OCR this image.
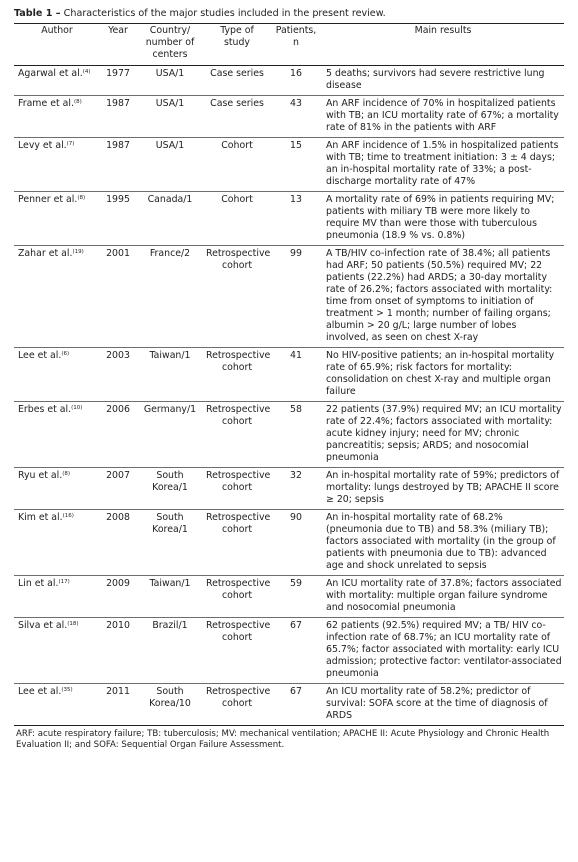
Table 1 – Characteristics of the major studies included in the present review.
Author	Year	Country/ number of centers	Type of study	Patients, n	Main results
Agarwal et al.$^{(4)}$	1977	USA/1	Case series	16	5 deaths; survivors had severe restrictive lung disease
Frame et al.$^{(8)}$	1987	USA/1	Case series	43	An ARF incidence of 70% in hospitalized patients with TB; an ICU mortality rate of 67%; a mortality rate of 81% in the patients with ARF
Levy et al.$^{(7)}$	1987	USA/1	Cohort	15	An ARF incidence of 1.5% in hospitalized patients with TB; time to treatment initiation: 3 ± 4 days; an in-hospital mortality rate of 33%; a post-discharge mortality rate of 47%
Penner et al.$^{(8)}$	1995	Canada/1	Cohort	13	A mortality rate of 69% in patients requiring MV; patients with miliary TB were more likely to require MV than were those with tuberculous pneumonia (18.9 % vs. 0.8%)
Zahar et al.$^{(19)}$	2001	France/2	Retrospective cohort	99	A TB/HIV co-infection rate of 38.4%; all patients had ARF; 50 patients (50.5%) required MV; 22 patients (22.2%) had ARDS; a 30-day mortality rate of 26.2%; factors associated with mortality: time from onset of symptoms to initiation of treatment > 1 month; number of failing organs; albumin > 20 g/L; large number of lobes involved, as seen on chest X-ray
Lee et al.$^{(6)}$	2003	Taiwan/1	Retrospective cohort	41	No HIV-positive patients; an in-hospital mortality rate of 65.9%; risk factors for mortality: consolidation on chest X-ray and multiple organ failure
Erbes et al.$^{(10)}$	2006	Germany/1	Retrospective cohort	58	22 patients (37.9%) required MV; an ICU mortality rate of 22.4%; factors associated with mortality: acute kidney injury; need for MV; chronic pancreatitis; sepsis; ARDS; and nosocomial pneumonia
Ryu et al.$^{(8)}$	2007	South Korea/1	Retrospective cohort	32	An in-hospital mortality rate of 59%; predictors of mortality: lungs destroyed by TB; APACHE II score ≥ 20; sepsis
Kim et al.$^{(16)}$	2008	South Korea/1	Retrospective cohort	90	An in-hospital mortality rate of 68.2% (pneumonia due to TB) and 58.3% (miliary TB); factors associated with mortality (in the group of patients with pneumonia due to TB): advanced age and shock unrelated to sepsis
Lin et al.$^{(17)}$	2009	Taiwan/1	Retrospective cohort	59	An ICU mortality rate of 37.8%; factors associated with mortality: multiple organ failure syndrome and nosocomial pneumonia
Silva et al.$^{(18)}$	2010	Brazil/1	Retrospective cohort	67	62 patients (92.5%) required MV; a TB/ HIV co-infection rate of 68.7%; an ICU mortality rate of 65.7%; factor associated with mortality: early ICU admission; protective factor: ventilator-associated pneumonia
Lee et al.$^{(35)}$	2011	South Korea/10	Retrospective cohort	67	An ICU mortality rate of 58.2%; predictor of survival: SOFA score at the time of diagnosis of ARDS
ARF: acute respiratory failure; TB: tuberculosis; MV: mechanical ventilation; APACHE II: Acute Physiology and Chronic Health Evaluation II; and SOFA: Sequential Organ Failure Assessment.
